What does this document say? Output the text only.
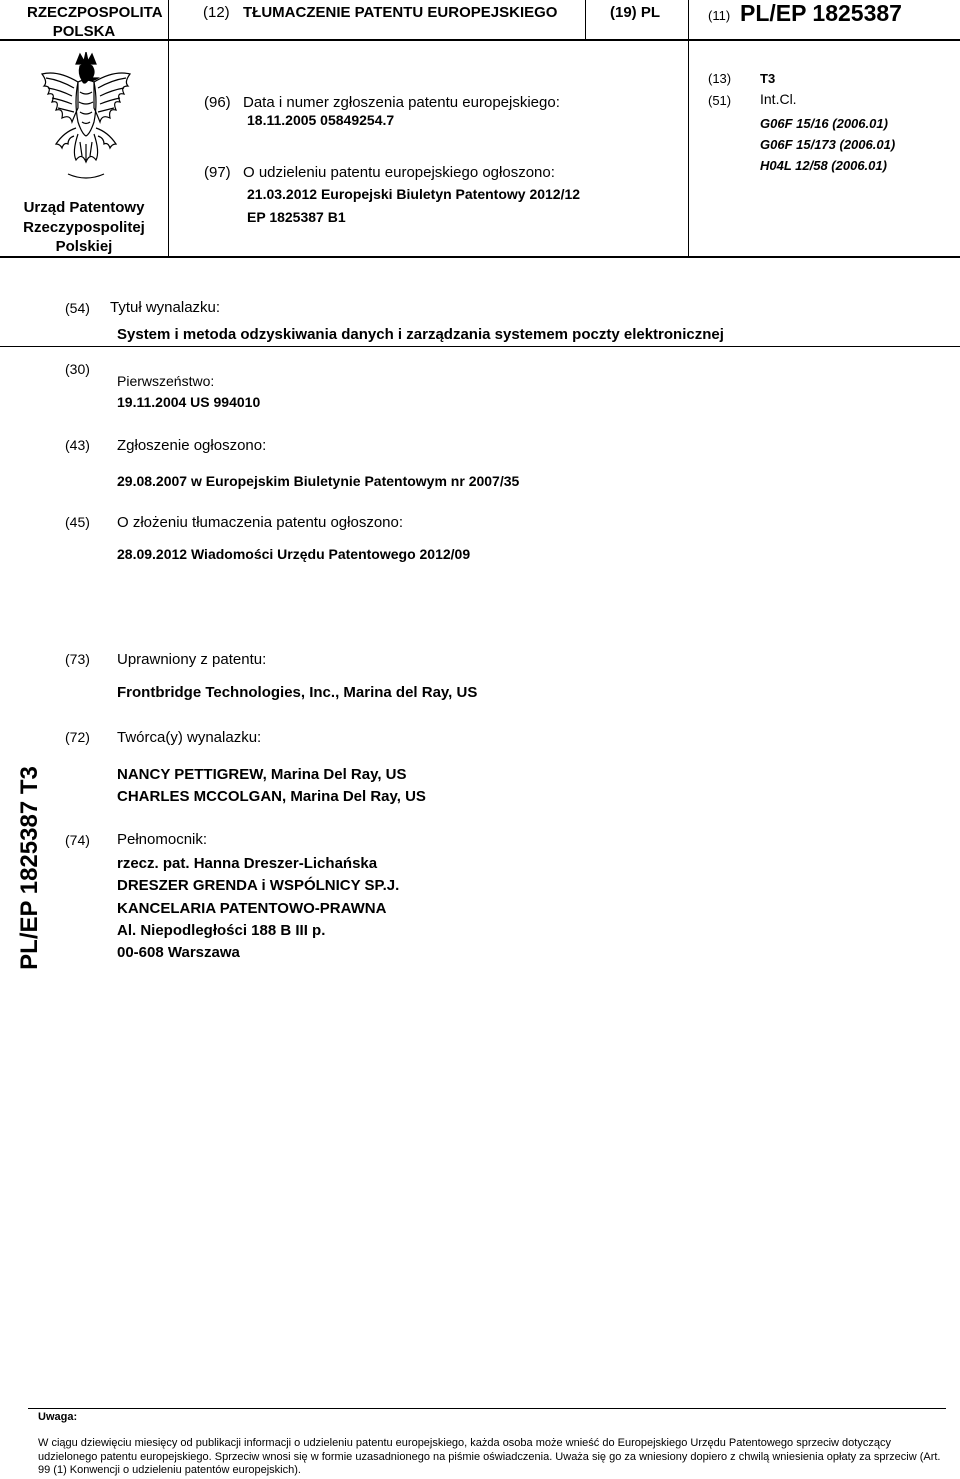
RZECZPOSPOLITA
POLSKA
(12) TŁUMACZENIE PATENTU EUROPEJSKIEGO	(19) PL	(11) PL/EP 1825387
Urząd Patentowy
Rzeczypospolitej
Polskiej
(96) Data i numer zgłoszenia patentu europejskiego:
18.11.2005 05849254.7
(97) O udzieleniu patentu europejskiego ogłoszono:
21.03.2012 Europejski Biuletyn Patentowy 2012/12
EP 1825387 B1
(13) T3
(51) Int.Cl.
G06F 15/16 (2006.01)
G06F 15/173 (2006.01)
H04L 12/58 (2006.01)
(54) Tytuł wynalazku:
System i metoda odzyskiwania danych i zarządzania systemem poczty elektronicznej
(30)
Pierwszeństwo:
19.11.2004 US 994010
(43) Zgłoszenie ogłoszono:
29.08.2007 w Europejskim Biuletynie Patentowym nr 2007/35
(45) O złożeniu tłumaczenia patentu ogłoszono:
28.09.2012 Wiadomości Urzędu Patentowego 2012/09
(73) Uprawniony z patentu:
Frontbridge Technologies, Inc., Marina del Ray, US
(72) Twórca(y) wynalazku:
NANCY PETTIGREW, Marina Del Ray, US
CHARLES MCCOLGAN, Marina Del Ray, US
(74) Pełnomocnik:
rzecz. pat. Hanna Dreszer-Lichańska
DRESZER GRENDA i WSPÓLNICY SP.J.
KANCELARIA PATENTOWO-PRAWNA
Al. Niepodległości 188 B III p.
00-608 Warszawa
PL/EP 1825387 T3
Uwaga:
W ciągu dziewięciu miesięcy od publikacji informacji o udzieleniu patentu europejskiego, każda osoba może wnieść do Europejskiego Urzędu Patentowego sprzeciw dotyczący udzielonego patentu europejskiego. Sprzeciw wnosi się w formie uzasadnionego na piśmie oświadczenia. Uważa się go za wniesiony dopiero z chwilą wniesienia opłaty za sprzeciw (Art. 99 (1) Konwencji o udzieleniu patentów europejskich).
